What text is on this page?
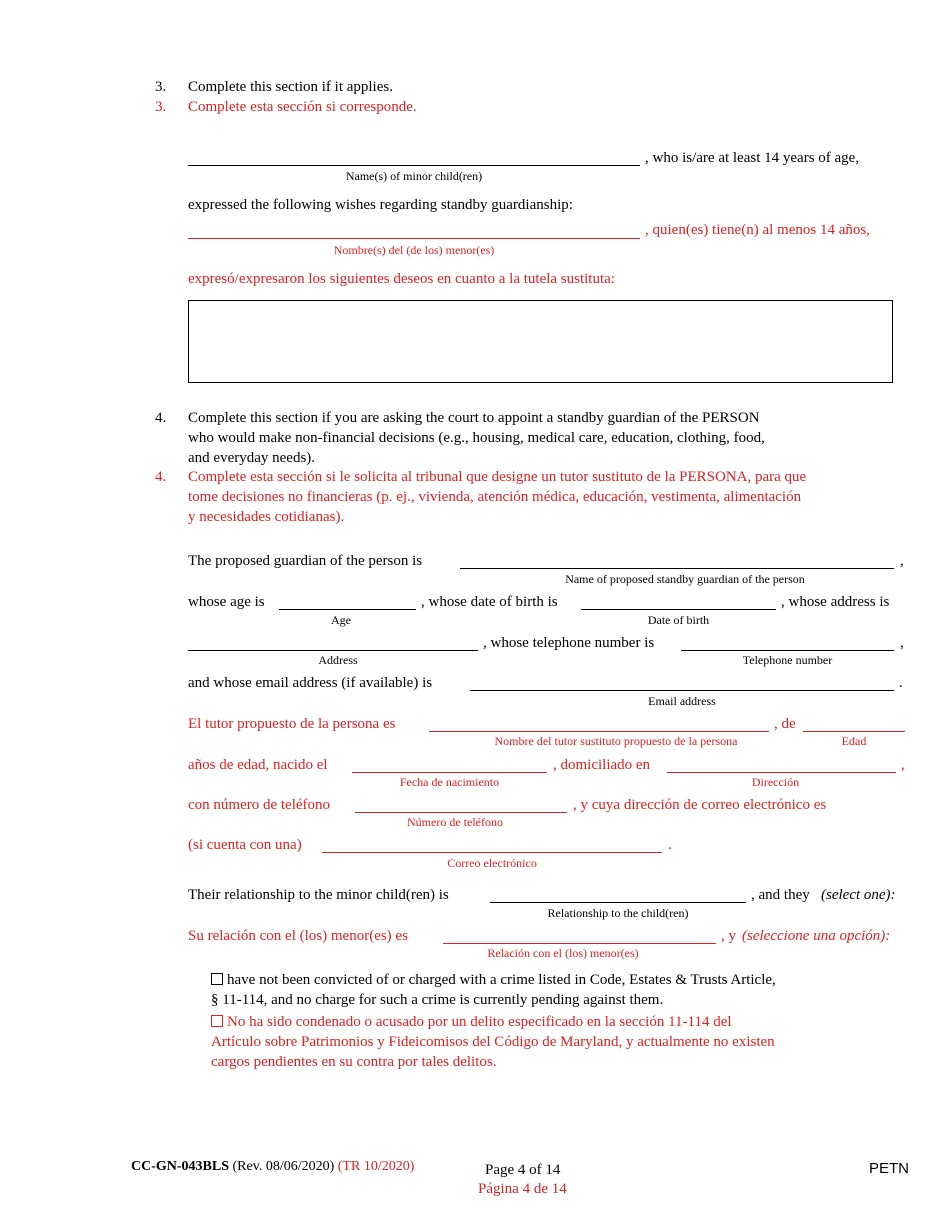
3. Complete this section if it applies.
3. Complete esta sección si corresponde.
, who is/are at least 14 years of age,
Name(s) of minor child(ren)
expressed the following wishes regarding standby guardianship:
, quien(es) tiene(n) al menos 14 años,
Nombre(s) del (de los) menor(es)
expresó/expresaron los siguientes deseos en cuanto a la tutela sustituta:
4. Complete this section if you are asking the court to appoint a standby guardian of the PERSON
who would make non-financial decisions (e.g., housing, medical care, education, clothing, food,
and everyday needs).
4. Complete esta sección si le solicita al tribunal que designe un tutor sustituto de la PERSONA, para que
tome decisiones no financieras (p. ej., vivienda, atención médica, educación, vestimenta, alimentación
y necesidades cotidianas).
The proposed guardian of the person is	,
Name of proposed standby guardian of the person
whose age is
Age
, whose date of birth is
Date of birth
, whose address is
Address
, whose telephone number is	,
Telephone number
and whose email address (if available) is	.
Email address
El tutor propuesto de la persona es
Nombre del tutor sustituto propuesto de la persona
, de
Edad
años de edad, nacido el
Fecha de nacimiento
, domiciliado en
Dirección
,
con número de teléfono
Número de teléfono
, y cuya dirección de correo electrónico es
(si cuenta con una)
Correo electrónico
.
Their relationship to the minor child(ren) is
Relationship to the child(ren)
, and they (select one):
Su relación con el (los) menor(es) es
Relación con el (los) menor(es)
, y (seleccione una opción):
have not been convicted of or charged with a crime listed in Code, Estates & Trusts Article,
§ 11-114, and no charge for such a crime is currently pending against them.
No ha sido condenado o acusado por un delito especificado en la sección 11-114 del
Artículo sobre Patrimonios y Fideicomisos del Código de Maryland, y actualmente no existen
cargos pendientes en su contra por tales delitos.
CC-GN-043BLS (Rev. 08/06/2020) (TR 10/2020)	Page 4 of 14
Página 4 de 14
PETN
